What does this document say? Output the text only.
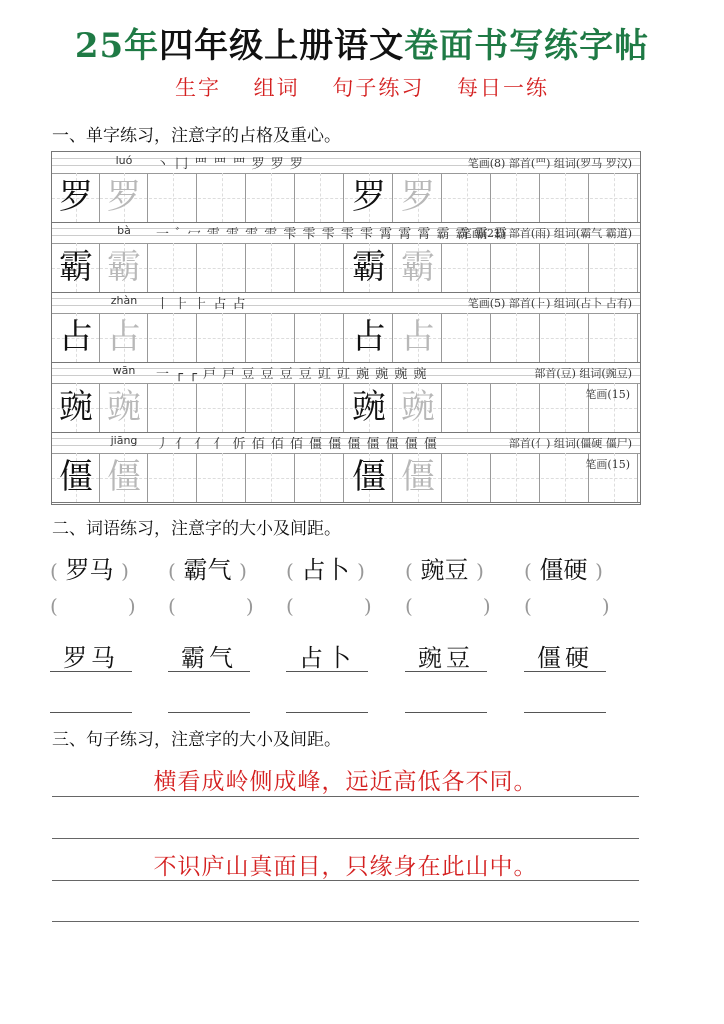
25年四年级上册语文卷面书写练字帖
生字 组词 句子练习 每日一练
一、单字练习，注意字的占格及重心。
luó	丶 冂 罒 罒 罒 罗 罗 罗	笔画(8) 部首(罒) 组词(罗马 罗汉)
罗 罗	罗 罗
bà	一 ﾞ 冖 ⻗ ⻗ ⻗ ⻗ 雫 雫 雫 雫 雫 霄 霄 霄 霸 霸 霸 霸
笔画(21) 部首(雨) 组词(霸气 霸道)
霸 霸	霸 霸
zhàn	丨 ⺊ ⺊ 占 占	笔画(5) 部首(⺊) 组词(占卜 占有)
占 占	占 占
wān	一 ┌ ┌ 戸 戸 豆 豆 豆 豆 豇 豇 豌 豌 豌 豌	部首(豆) 组词(豌豆)
豌 豌	豌 豌	笔画(15)
jiāng	丿 亻 亻 亻 伒 佰 佰 佰 僵 僵 僵 僵 僵 僵 僵	部首(亻) 组词(僵硬 僵尸)
僵 僵	僵 僵	笔画(15)
二、词语练习，注意字的大小及间距。
( 罗马 )
(	)
罗马
( 霸气 )
(	)
霸气
( 占卜 )
(	)
占卜
( 豌豆 )
(	)
豌豆
( 僵硬 )
(	)
僵硬
三、句子练习，注意字的大小及间距。
横看成岭侧成峰，远近高低各不同。
不识庐山真面目，只缘身在此山中。
